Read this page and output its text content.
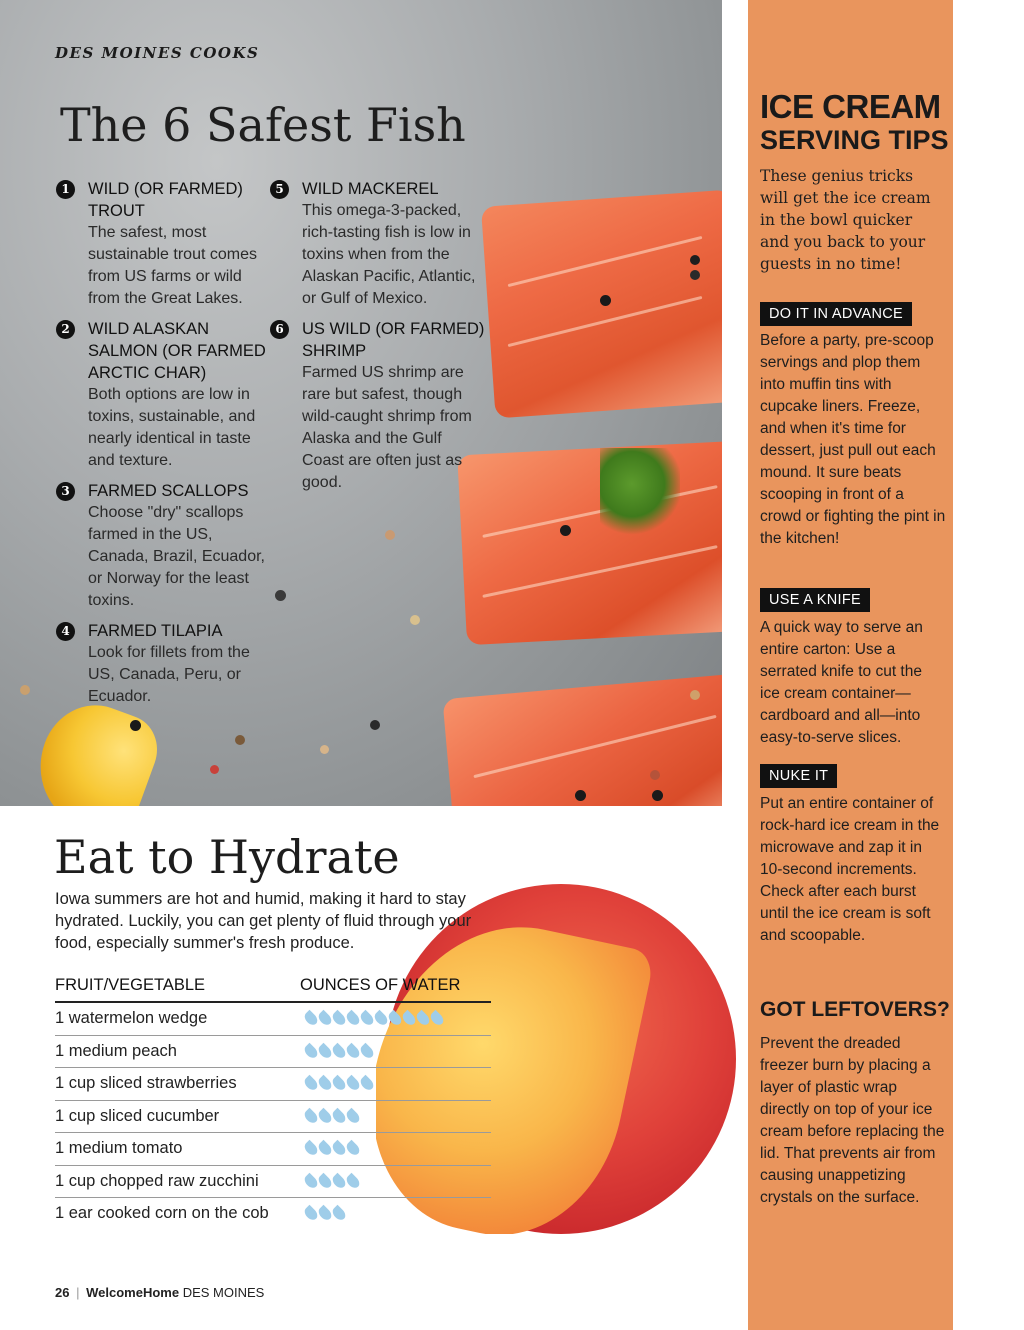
DES MOINES COOKS
The 6 Safest Fish
1	WILD (OR FARMED) TROUT
The safest, most sustainable trout comes from US farms or wild from the Great Lakes.
2	WILD ALASKAN SALMON (OR FARMED ARCTIC CHAR)
Both options are low in toxins, sustainable, and nearly identical in taste and texture.
3	FARMED SCALLOPS
Choose "dry" scallops farmed in the US, Canada, Brazil, Ecuador, or Norway for the least toxins.
4	FARMED TILAPIA
Look for fillets from the US, Canada, Peru, or Ecuador.
5	WILD MACKEREL
This omega-3-packed, rich-tasting fish is low in toxins when from the Alaskan Pacific, Atlantic, or Gulf of Mexico.
6	US WILD (OR FARMED) SHRIMP
Farmed US shrimp are rare but safest, though wild-caught shrimp from Alaska and the Gulf Coast are often just as good.
Eat to Hydrate
Iowa summers are hot and humid, making it hard to stay hydrated. Luckily, you can get plenty of fluid through your food, especially summer's fresh produce.
FRUIT/VEGETABLE	OUNCES OF WATER
1 watermelon wedge
1 medium peach
1 cup sliced strawberries
1 cup sliced cucumber
1 medium tomato
1 cup chopped raw zucchini
1 ear cooked corn on the cob
26 | WelcomeHome DES MOINES
ICE CREAM
SERVING TIPS
These genius tricks will get the ice cream in the bowl quicker and you back to your guests in no time!
DO IT IN ADVANCE
Before a party, pre-scoop servings and plop them into muffin tins with cupcake liners. Freeze, and when it's time for dessert, just pull out each mound. It sure beats scooping in front of a crowd or fighting the pint in the kitchen!
USE A KNIFE
A quick way to serve an entire carton: Use a serrated knife to cut the ice cream container—cardboard and all—into easy-to-serve slices.
NUKE IT
Put an entire container of rock-hard ice cream in the microwave and zap it in 10-second increments. Check after each burst until the ice cream is soft and scoopable.
GOT LEFTOVERS?
Prevent the dreaded freezer burn by placing a layer of plastic wrap directly on top of your ice cream before replacing the lid. That prevents air from causing unappetizing crystals on the surface.
